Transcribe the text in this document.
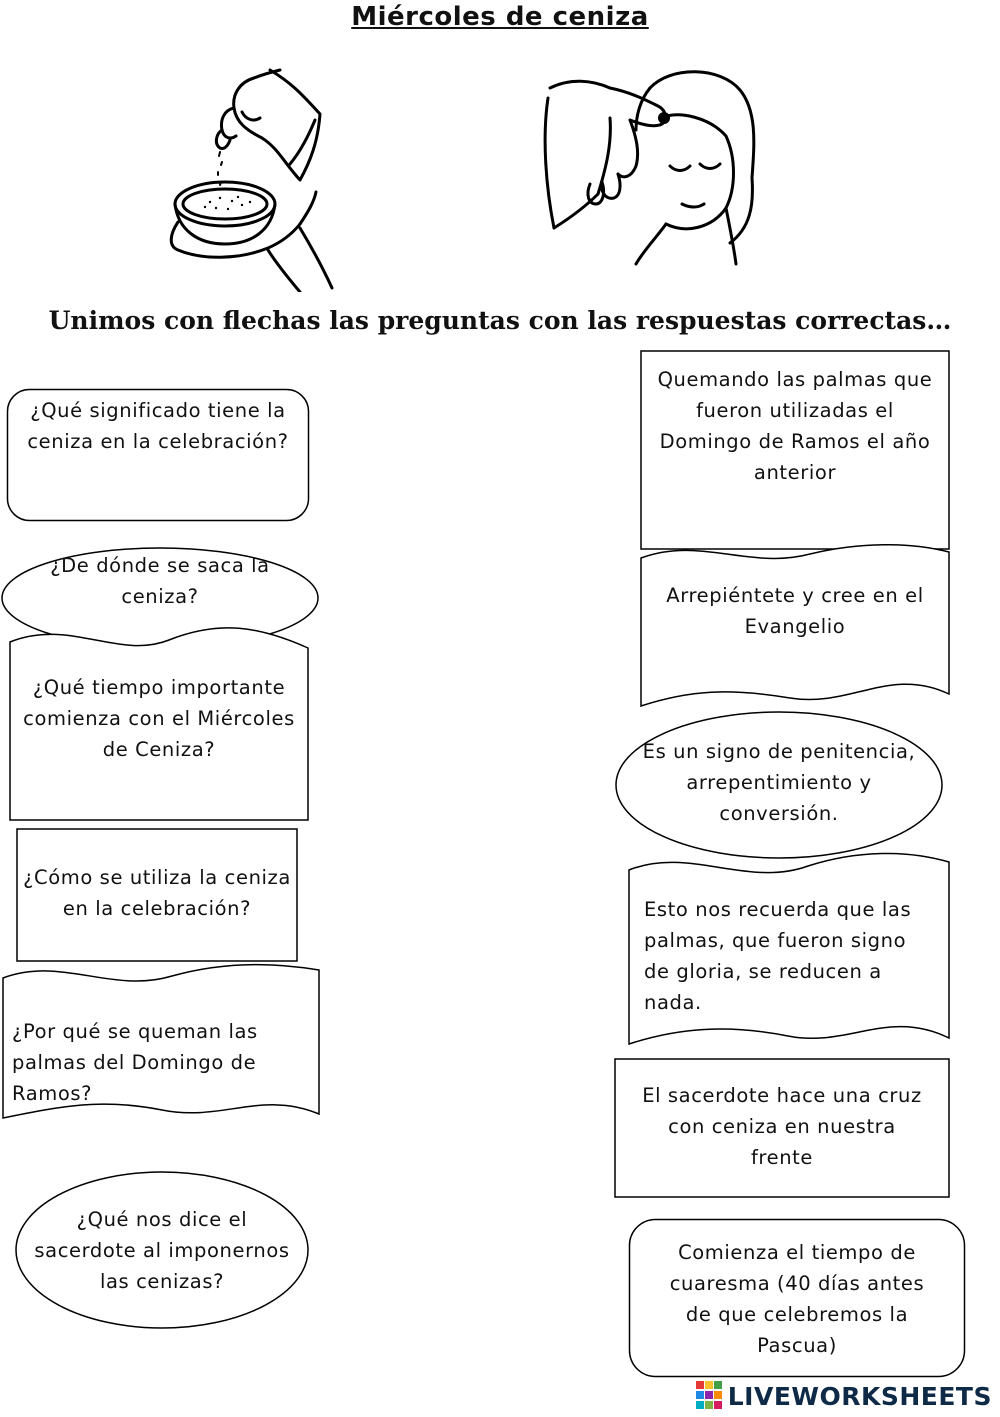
Miércoles de ceniza
Unimos con flechas las preguntas con las respuestas correctas…
¿Qué significado tiene la
ceniza en la celebración?
¿De dónde se saca la
ceniza?
¿Qué tiempo importante
comienza con el Miércoles
de Ceniza?
¿Cómo se utiliza la ceniza
en la celebración?
¿Por qué se queman las
palmas del Domingo de
Ramos?
¿Qué nos dice el
sacerdote al imponernos
las cenizas?
Quemando las palmas que
fueron utilizadas el
Domingo de Ramos el año
anterior
Arrepiéntete y cree en el
Evangelio
Es un signo de penitencia,
arrepentimiento y
conversión.
Esto nos recuerda que las
palmas, que fueron signo
de gloria, se reducen a
nada.
El sacerdote hace una cruz
con ceniza en nuestra
frente
Comienza el tiempo de
cuaresma (40 días antes
de que celebremos la
Pascua)
LIVEWORKSHEETS
